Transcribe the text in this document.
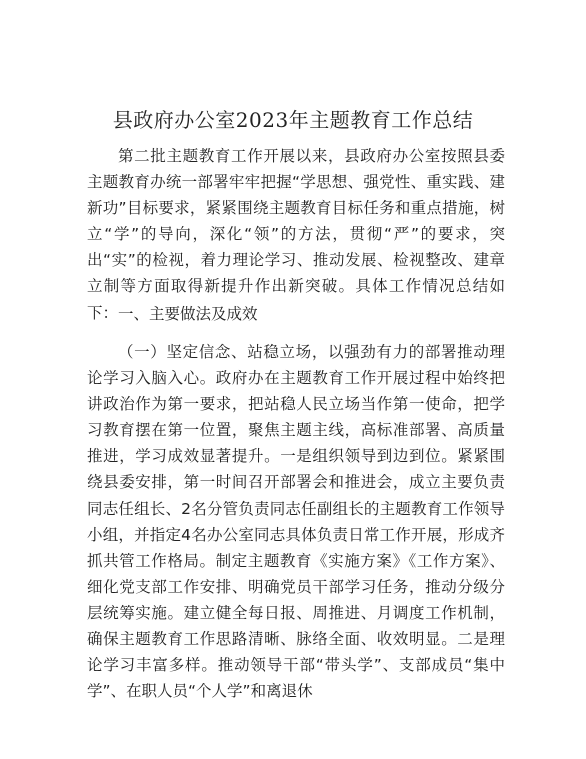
县政府办公室2023年主题教育工作总结

第二批主题教育工作开展以来，县政府办公室按照县委主题教育办统一部署牢牢把握“学思想、强党性、重实践、建新功”目标要求，紧紧围绕主题教育目标任务和重点措施，树立“学”的导向，深化“领”的方法，贯彻“严”的要求，突出“实”的检视，着力理论学习、推动发展、检视整改、建章立制等方面取得新提升作出新突破。具体工作情况总结如下： 一、主要做法及成效

（一）坚定信念、站稳立场，以强劲有力的部署推动理论学习入脑入心。政府办在主题教育工作开展过程中始终把讲政治作为第一要求，把站稳人民立场当作第一使命，把学习教育摆在第一位置，聚焦主题主线，高标准部署、高质量推进，学习成效显著提升。一是组织领导到边到位。紧紧围绕县委安排，第一时间召开部署会和推进会，成立主要负责同志任组长、2名分管负责同志任副组长的主题教育工作领导小组，并指定4名办公室同志具体负责日常工作开展，形成齐抓共管工作格局。制定主题教育《实施方案》《工作方案》、细化党支部工作安排、明确党员干部学习任务，推动分级分层统筹实施。建立健全每日报、周推进、月调度工作机制，确保主题教育工作思路清晰、脉络全面、收效明显。二是理论学习丰富多样。推动领导干部“带头学”、支部成员“集中学”、在职人员“个人学”和离退休
